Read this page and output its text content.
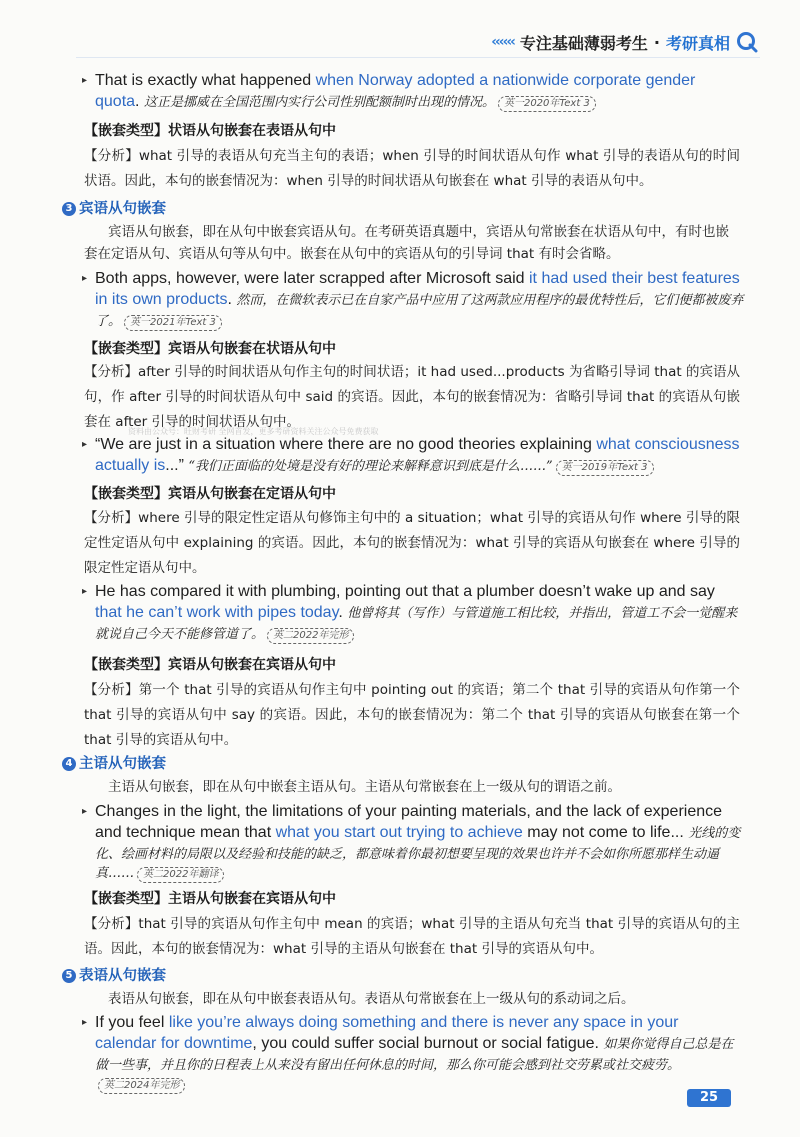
‹‹‹‹‹‹ 专注基础薄弱考生 · 考研真相
▸ That is exactly what happened when Norway adopted a nationwide corporate gender quota. 这正是挪威在全国范围内实行公司性别配额制时出现的情况。 英一2020年Text 3
【嵌套类型】状语从句嵌套在表语从句中
【分析】what 引导的表语从句充当主句的表语；when 引导的时间状语从句作 what 引导的表语从句的时间状语。因此，本句的嵌套情况为：when 引导的时间状语从句嵌套在 what 引导的表语从句中。
3 宾语从句嵌套
宾语从句嵌套，即在从句中嵌套宾语从句。在考研英语真题中，宾语从句常嵌套在状语从句中，有时也嵌套在定语从句、宾语从句等从句中。嵌套在从句中的宾语从句的引导词 that 有时会省略。
▸ Both apps, however, were later scrapped after Microsoft said it had used their best features in its own products. 然而，在微软表示已在自家产品中应用了这两款应用程序的最优特性后，它们便都被废弃了。 英一2021年Text 3
【嵌套类型】宾语从句嵌套在状语从句中
【分析】after 引导的时间状语从句作主句的时间状语；it had used...products 为省略引导词 that 的宾语从句，作 after 引导的时间状语从句中 said 的宾语。因此，本句的嵌套情况为：省略引导词 that 的宾语从句嵌套在 after 引导的时间状语从句中。
资料由公众号：旺财考研 全网首发，更多考研资料关注公众号免费获取
▸ “We are just in a situation where there are no good theories explaining what consciousness actually is...” “我们正面临的处境是没有好的理论来解释意识到底是什么……” 英一2019年Text 3
【嵌套类型】宾语从句嵌套在定语从句中
【分析】where 引导的限定性定语从句修饰主句中的 a situation；what 引导的宾语从句作 where 引导的限定性定语从句中 explaining 的宾语。因此，本句的嵌套情况为：what 引导的宾语从句嵌套在 where 引导的限定性定语从句中。
▸ He has compared it with plumbing, pointing out that a plumber doesn’t wake up and say that he can’t work with pipes today. 他曾将其（写作）与管道施工相比较，并指出，管道工不会一觉醒来就说自己今天不能修管道了。 英二2022年完形
【嵌套类型】宾语从句嵌套在宾语从句中
【分析】第一个 that 引导的宾语从句作主句中 pointing out 的宾语；第二个 that 引导的宾语从句作第一个 that 引导的宾语从句中 say 的宾语。因此，本句的嵌套情况为：第二个 that 引导的宾语从句嵌套在第一个 that 引导的宾语从句中。
4 主语从句嵌套
主语从句嵌套，即在从句中嵌套主语从句。主语从句常嵌套在上一级从句的谓语之前。
▸ Changes in the light, the limitations of your painting materials, and the lack of experience and technique mean that what you start out trying to achieve may not come to life... 光线的变化、绘画材料的局限以及经验和技能的缺乏，都意味着你最初想要呈现的效果也许并不会如你所愿那样生动逼真…… 英二2022年翻译
【嵌套类型】主语从句嵌套在宾语从句中
【分析】that 引导的宾语从句作主句中 mean 的宾语；what 引导的主语从句充当 that 引导的宾语从句的主语。因此，本句的嵌套情况为：what 引导的主语从句嵌套在 that 引导的宾语从句中。
5 表语从句嵌套
表语从句嵌套，即在从句中嵌套表语从句。表语从句常嵌套在上一级从句的系动词之后。
▸ If you feel like you’re always doing something and there is never any space in your calendar for downtime, you could suffer social burnout or social fatigue. 如果你觉得自己总是在做一些事，并且你的日程表上从来没有留出任何休息的时间，那么你可能会感到社交劳累或社交疲劳。英二2024年完形
25
